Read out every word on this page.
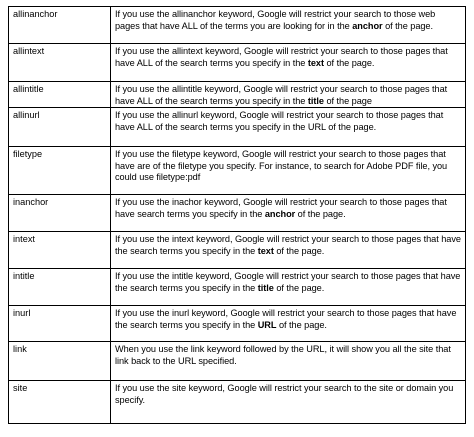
allinanchor	If you use the allinanchor keyword, Google will restrict your search to those web pages that have ALL of the terms you are looking for in the anchor of the page.
allintext	If you use the allintext keyword, Google will restrict your search to those pages that have ALL of the search terms you specify in the text of the page.
allintitle	If you use the allintitle keyword, Google will restrict your search to those pages that have ALL of the search terms you specify in the title of the page
allinurl	If you use the allinurl keyword, Google will restrict your search to those pages that have ALL of the search terms you specify in the URL of the page.
filetype	If you use the filetype keyword, Google will restrict your search to those pages that have are of the filetype you specify. For instance, to search for Adobe PDF file, you could use filetype:pdf
inanchor	If you use the inachor keyword, Google will restrict your search to those pages that have search terms you specify in the anchor of the page.
intext	If you use the intext keyword, Google will restrict your search to those pages that have the search terms you specify in the text of the page.
intitle	If you use the intitle keyword, Google will restrict your search to those pages that have the search terms you specify in the title of the page.
inurl	If you use the inurl keyword, Google will restrict your search to those pages that have the search terms you specify in the URL of the page.
link	When you use the link keyword followed by the URL, it will show you all the site that link back to the URL specified.
site	If you use the site keyword, Google will restrict your search to the site or domain you specify.
